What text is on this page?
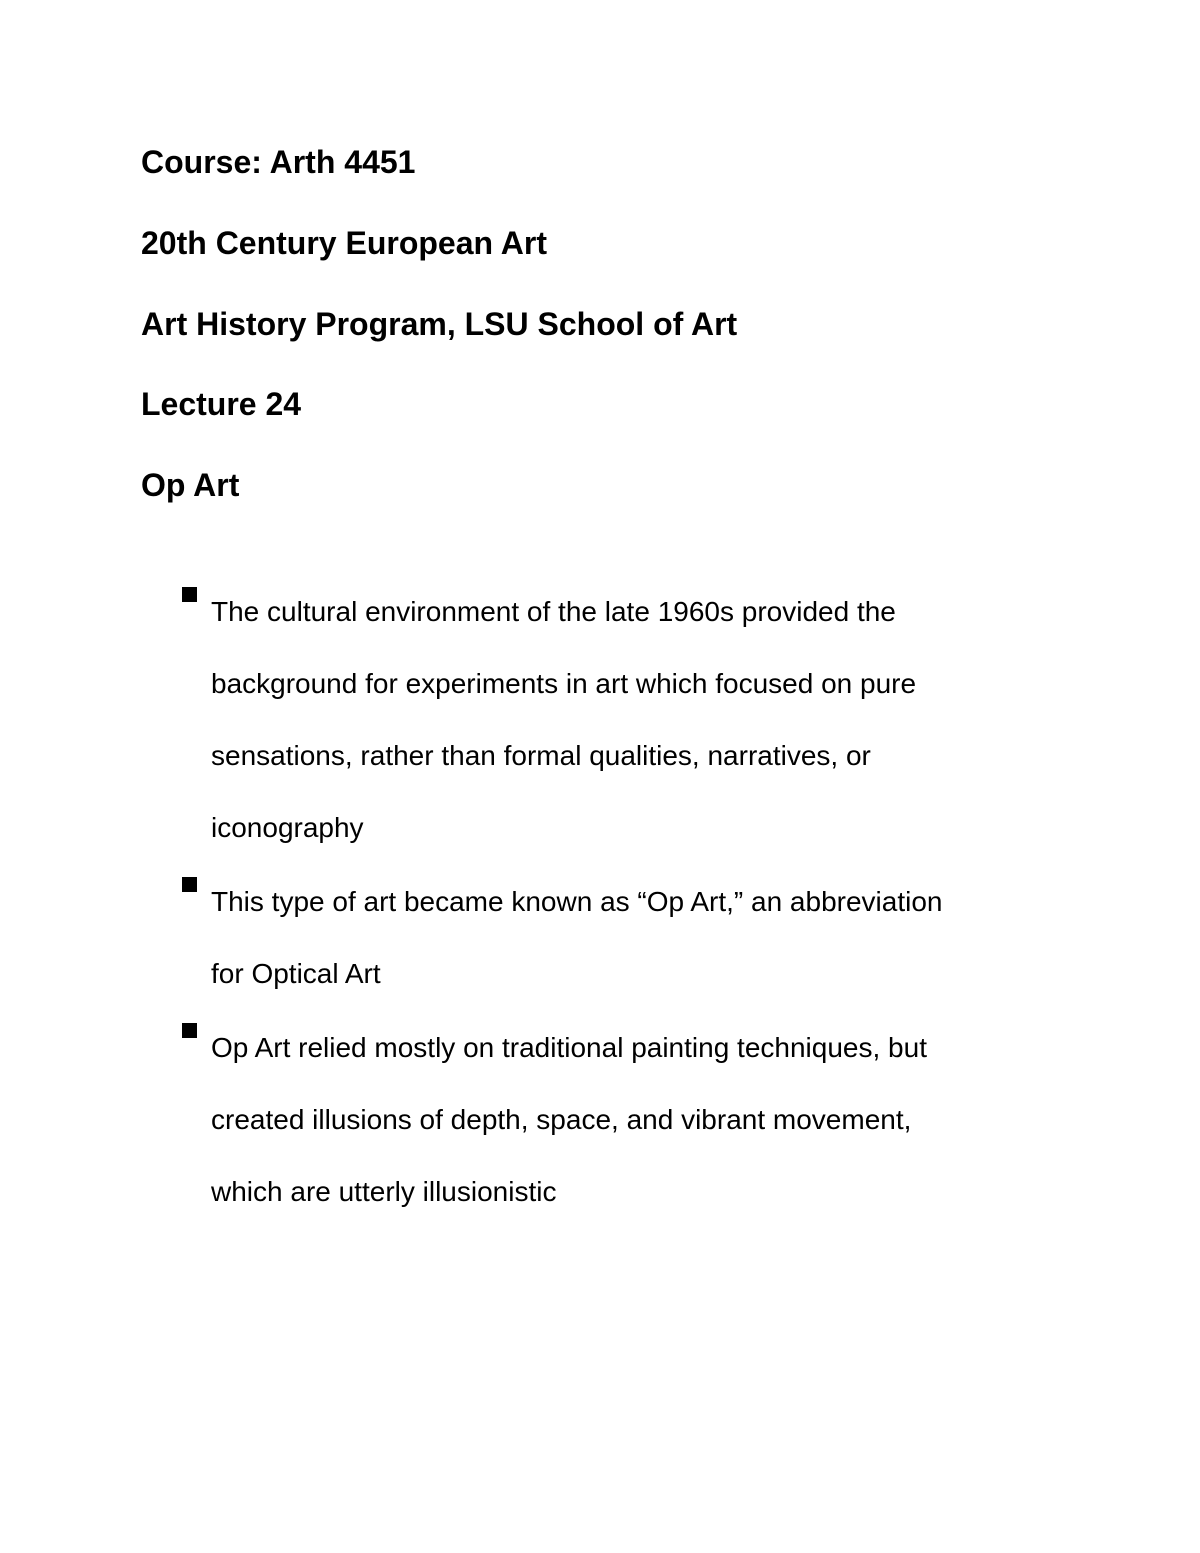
Course: Arth 4451

20th Century European Art

Art History Program, LSU School of Art

Lecture 24

Op Art

The cultural environment of the late 1960s provided the
background for experiments in art which focused on pure
sensations, rather than formal qualities, narratives, or
iconography
This type of art became known as “Op Art,” an abbreviation
for Optical Art
Op Art relied mostly on traditional painting techniques, but
created illusions of depth, space, and vibrant movement,
which are utterly illusionistic
